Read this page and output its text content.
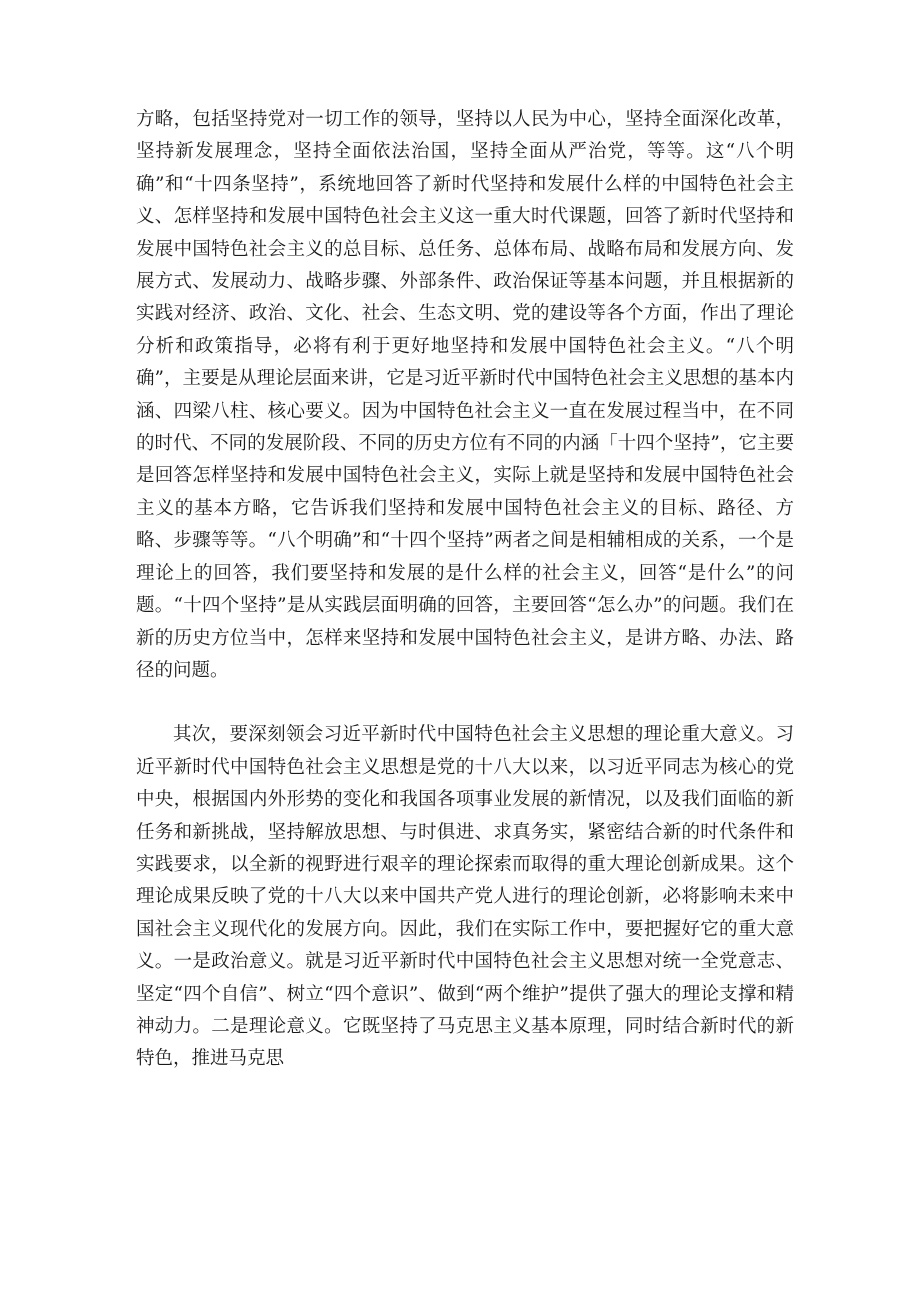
方略，包括坚持党对一切工作的领导，坚持以人民为中心，坚持全面深化改革，坚持新发展理念，坚持全面依法治国，坚持全面从严治党，等等。这“八个明确”和“十四条坚持”，系统地回答了新时代坚持和发展什么样的中国特色社会主义、怎样坚持和发展中国特色社会主义这一重大时代课题，回答了新时代坚持和发展中国特色社会主义的总目标、总任务、总体布局、战略布局和发展方向、发展方式、发展动力、战略步骤、外部条件、政治保证等基本问题，并且根据新的实践对经济、政治、文化、社会、生态文明、党的建设等各个方面，作出了理论分析和政策指导，必将有利于更好地坚持和发展中国特色社会主义。“八个明确”，主要是从理论层面来讲，它是习近平新时代中国特色社会主义思想的基本内涵、四梁八柱、核心要义。因为中国特色社会主义一直在发展过程当中，在不同的时代、不同的发展阶段、不同的历史方位有不同的内涵「十四个坚持”，它主要是回答怎样坚持和发展中国特色社会主义，实际上就是坚持和发展中国特色社会主义的基本方略，它告诉我们坚持和发展中国特色社会主义的目标、路径、方略、步骤等等。“八个明确”和“十四个坚持”两者之间是相辅相成的关系，一个是理论上的回答，我们要坚持和发展的是什么样的社会主义，回答“是什么”的问题。“十四个坚持”是从实践层面明确的回答，主要回答“怎么办”的问题。我们在新的历史方位当中，怎样来坚持和发展中国特色社会主义，是讲方略、办法、路径的问题。

其次，要深刻领会习近平新时代中国特色社会主义思想的理论重大意义。习近平新时代中国特色社会主义思想是党的十八大以来，以习近平同志为核心的党中央，根据国内外形势的变化和我国各项事业发展的新情况，以及我们面临的新任务和新挑战，坚持解放思想、与时俱进、求真务实，紧密结合新的时代条件和实践要求，以全新的视野进行艰辛的理论探索而取得的重大理论创新成果。这个理论成果反映了党的十八大以来中国共产党人进行的理论创新，必将影响未来中国社会主义现代化的发展方向。因此，我们在实际工作中，要把握好它的重大意义。一是政治意义。就是习近平新时代中国特色社会主义思想对统一全党意志、坚定“四个自信”、树立“四个意识”、做到“两个维护”提供了强大的理论支撑和精神动力。二是理论意义。它既坚持了马克思主义基本原理，同时结合新时代的新特色，推进马克思
